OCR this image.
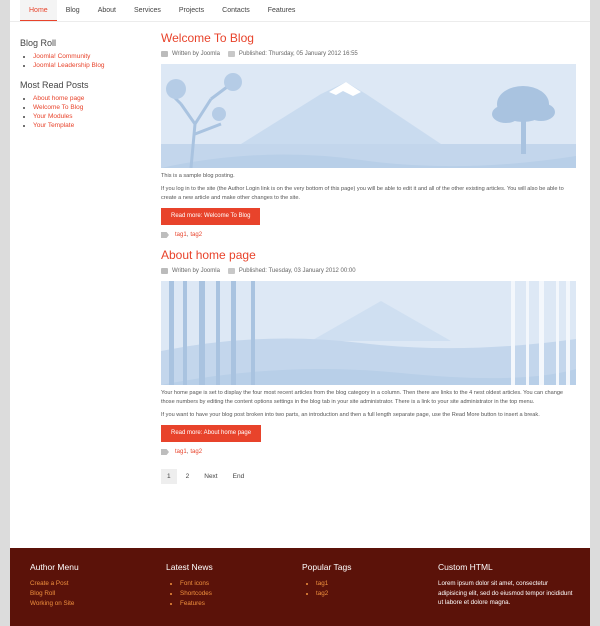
Home	Blog	About	Services	Projects	Contacts	Features
Blog Roll
• Joomla! Community
• Joomla! Leadership Blog
Most Read Posts
• About home page
• Welcome To Blog
• Your Modules
• Your Template
Welcome To Blog
Written by Joomla	Published: Thursday, 05 January 2012 16:55
This is a sample blog posting.
If you log in to the site (the Author Login link is on the very bottom of this page) you will be able to edit it and all of the other existing articles. You will also be able to create a new article and make other changes to the site.
Read more: Welcome To Blog
tag1 , tag2
About home page
Written by Joomla	Published: Tuesday, 03 January 2012 00:00
Your home page is set to display the four most recent articles from the blog category in a column. Then there are links to the 4 nest oldest articles. You can change those numbers by editing the content options settings in the blog tab in your site administrator. There is a link to your site administrator in the top menu.
If you want to have your blog post broken into two parts, an introduction and then a full length separate page, use the Read More button to insert a break.
Read more: About home page
tag1 , tag2
1	2	Next	End
Author Menu
Create a Post
Blog Roll
Working on Site
Latest News
• Font icons
• Shortcodes
• Features
Popular Tags
• tag1
• tag2
Custom HTML
Lorem ipsum dolor sit amet, consectetur adipisicing elit, sed do eiusmod tempor incididunt ut labore et dolore magna.
